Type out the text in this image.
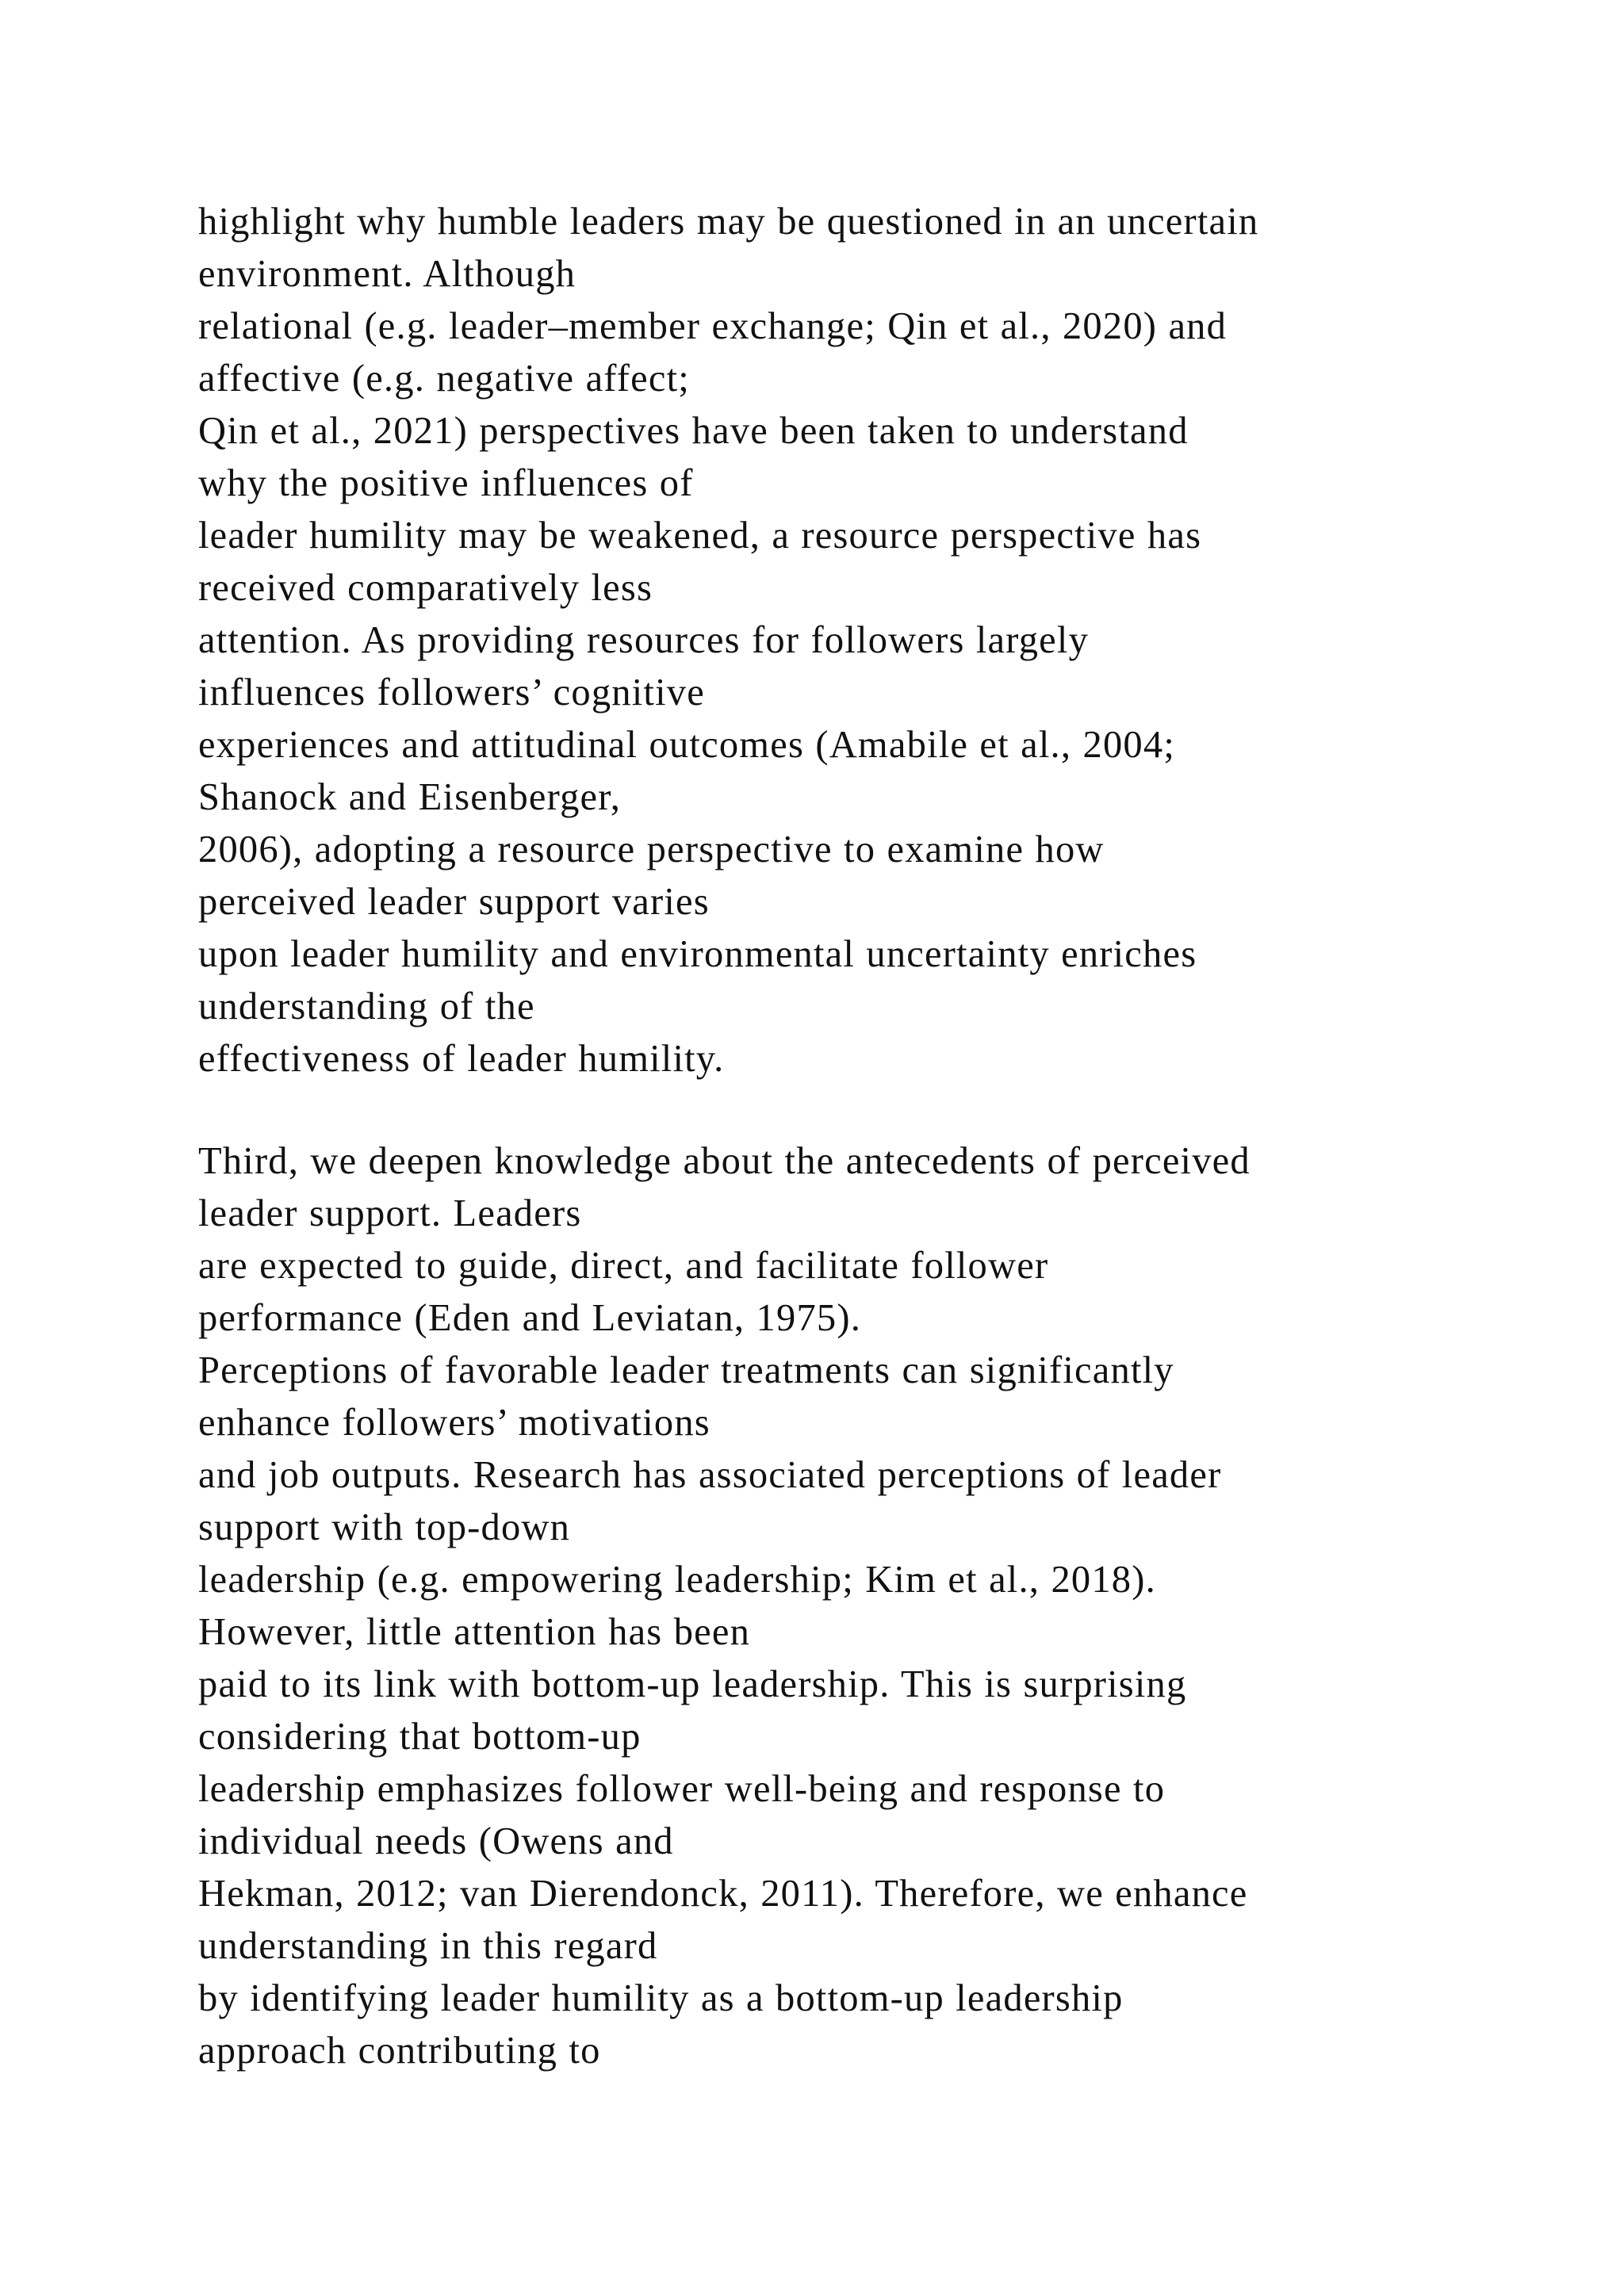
highlight why humble leaders may be questioned in an uncertain
environment. Although
relational (e.g. leader–member exchange; Qin et al., 2020) and
affective (e.g. negative affect;
Qin et al., 2021) perspectives have been taken to understand
why the positive influences of
leader humility may be weakened, a resource perspective has
received comparatively less
attention. As providing resources for followers largely
influences followers’ cognitive
experiences and attitudinal outcomes (Amabile et al., 2004;
Shanock and Eisenberger,
2006), adopting a resource perspective to examine how
perceived leader support varies
upon leader humility and environmental uncertainty enriches
understanding of the
effectiveness of leader humility.
Third, we deepen knowledge about the antecedents of perceived
leader support. Leaders
are expected to guide, direct, and facilitate follower
performance (Eden and Leviatan, 1975).
Perceptions of favorable leader treatments can significantly
enhance followers’ motivations
and job outputs. Research has associated perceptions of leader
support with top-down
leadership (e.g. empowering leadership; Kim et al., 2018).
However, little attention has been
paid to its link with bottom-up leadership. This is surprising
considering that bottom-up
leadership emphasizes follower well-being and response to
individual needs (Owens and
Hekman, 2012; van Dierendonck, 2011). Therefore, we enhance
understanding in this regard
by identifying leader humility as a bottom-up leadership
approach contributing to
